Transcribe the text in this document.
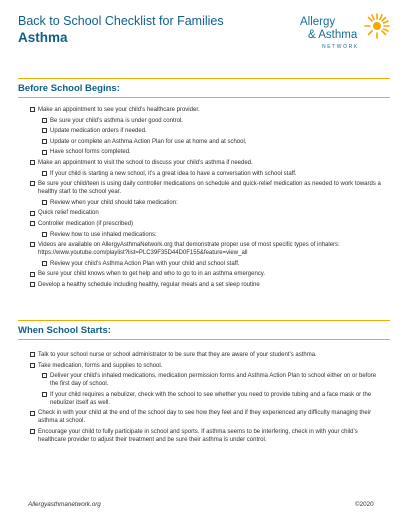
Back to School Checklist for Families
Asthma
Allergy
& Asthma
NETWORK
Before School Begins:
Make an appointment to see your child’s healthcare provider.
Be sure your child’s asthma is under good control.
Update medication orders if needed.
Update or complete an Asthma Action Plan for use at home and at school,
Have school forms completed.
Make an appointment to visit the school to discuss your child’s asthma if needed.
If your child is starting a new school, it’s a great idea to have a conversation with school staff.
Be sure your child/teen is using daily controller medications on schedule and quick-relief medication as needed to work towards a healthy start to the school year.
Review when your child should take medication:
Quick relief medication
Controller medication (if prescribed)
Review how to use inhaled medications:
Videos are available on AllergyAsthmaNetwork.org that demonstrate proper use of most specific types of inhalers: https://www.youtube.com/playlist?list=PLC39F35D44D0F155&feature=view_all
Review your child’s Asthma Action Plan with your child and school staff.
Be sure your child knows when to get help and who to go to in an asthma emergency.
Develop a healthy schedule including healthy, regular meals and a set sleep routine
When School Starts:
Talk to your school nurse or school administrator to be sure that they are aware of your student’s asthma.
Take medication, forms and supplies to school.
Deliver your child’s inhaled medications, medication permission forms and Asthma Action Plan to school either on or before the first day of school.
If your child requires a nebulizer, check with the school to see whether you need to provide tubing and a face mask or the nebulizer itself as well.
Check in with your child at the end of the school day to see how they feel and if they experienced any difficulty managing their asthma at school.
Encourage your child to fully participate in school and sports. If asthma seems to be interfering, check in with your child’s healthcare provider to adjust their treatment and be sure their asthma is under control.
Allergyasthmanetwork.org	©2020
